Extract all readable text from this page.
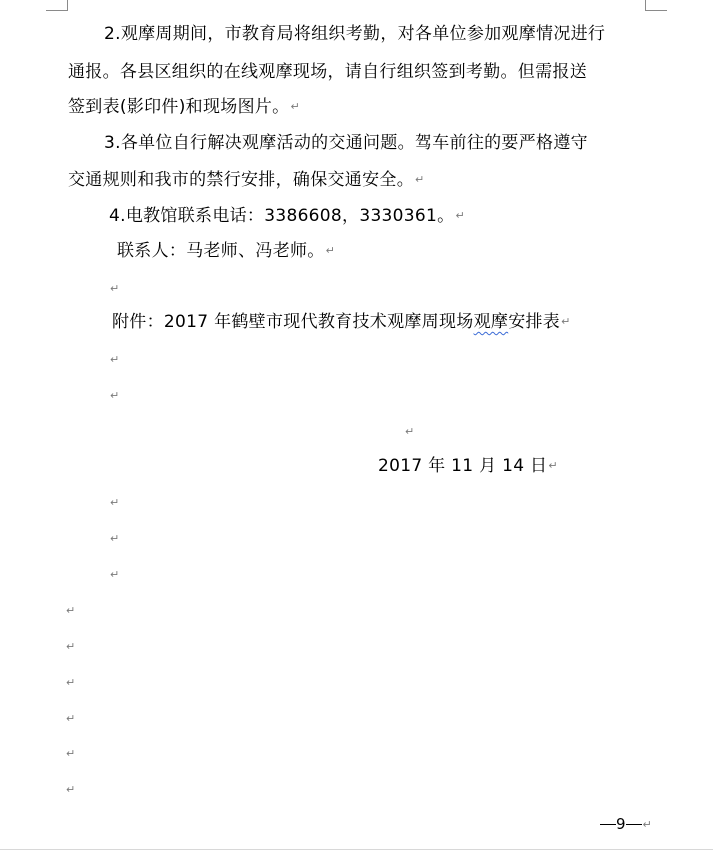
2.观摩周期间，市教育局将组织考勤，对各单位参加观摩情况进行
通报。各县区组织的在线观摩现场，请自行组织签到考勤。但需报送
签到表(影印件)和现场图片。↵
3.各单位自行解决观摩活动的交通问题。驾车前往的要严格遵守
交通规则和我市的禁行安排，确保交通安全。↵
4.电教馆联系电话：3386608，3330361。↵
联系人：马老师、冯老师。↵
↵
附件：2017 年鹤壁市现代教育技术观摩周现场观摩安排表↵
↵
↵
↵
2017 年 11 月 14 日↵
↵
↵
↵
↵
↵
↵
↵
↵
↵
9 ↵
